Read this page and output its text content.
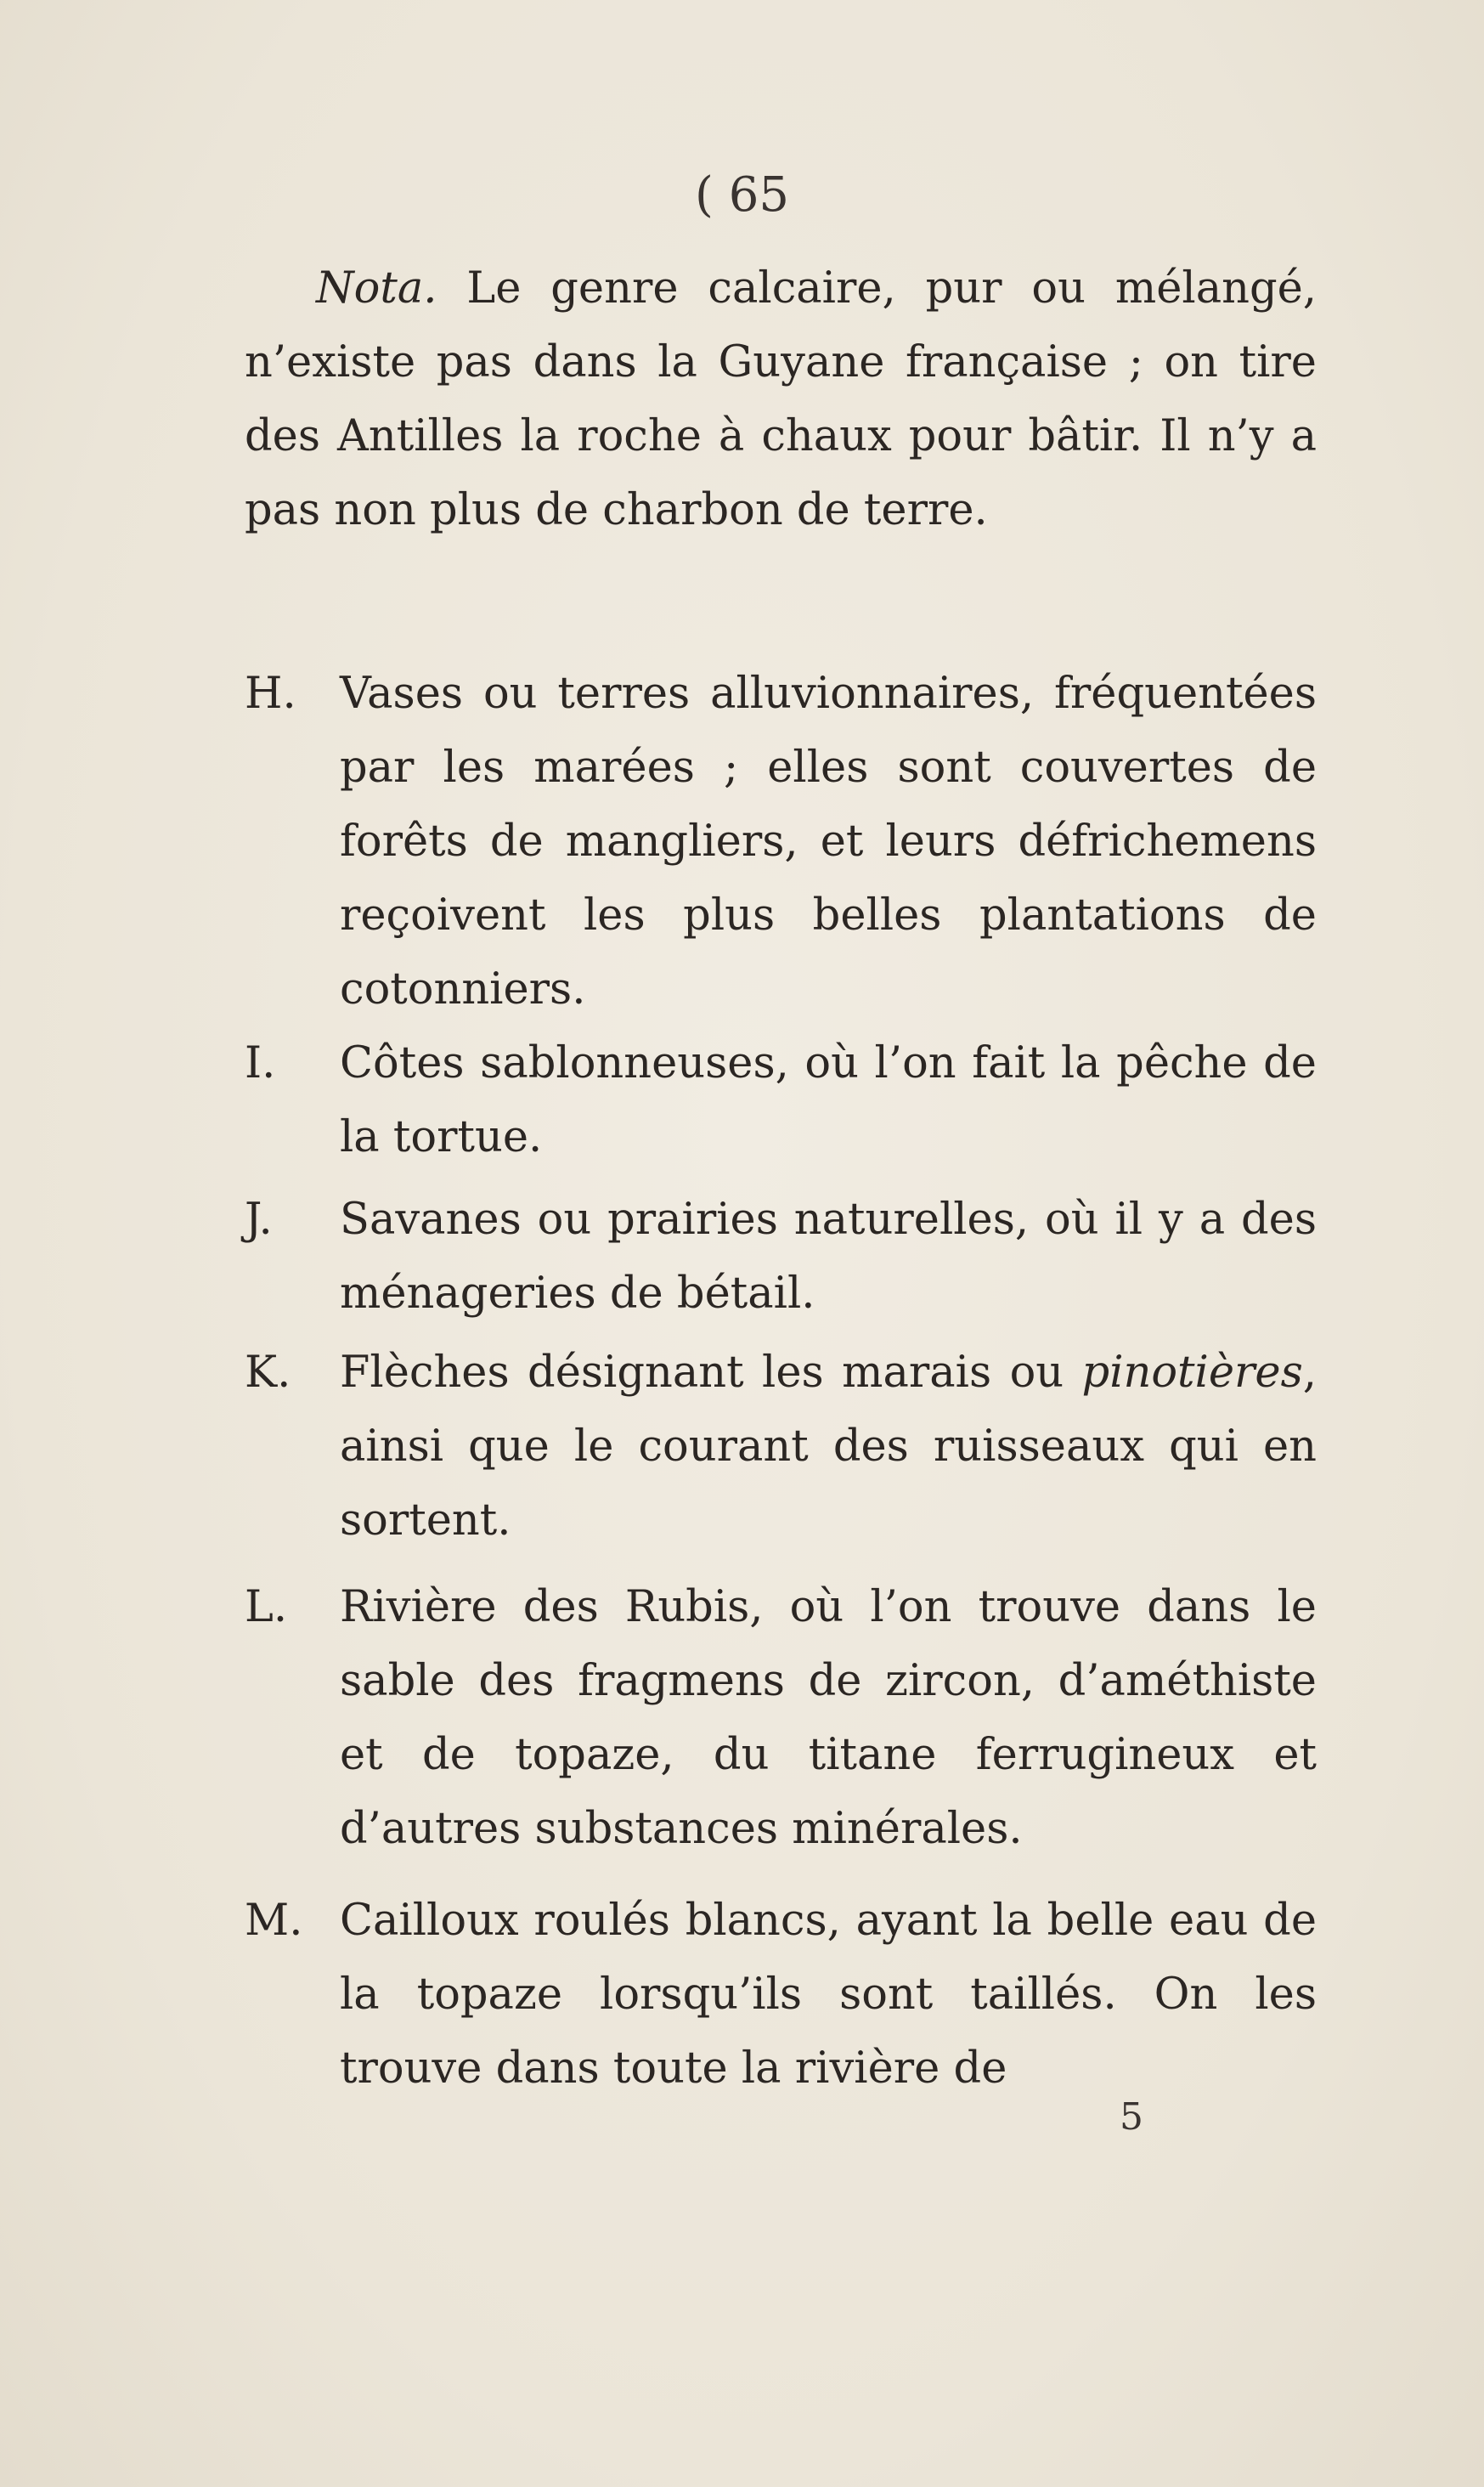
( 65

Nota. Le genre calcaire, pur ou mélangé, n’existe pas dans la Guyane française ; on tire des Antilles la roche à chaux pour bâtir. Il n’y a pas non plus de charbon de terre.

H.	Vases ou terres alluvionnaires, fréquentées par les marées ; elles sont couvertes de forêts de mangliers, et leurs défrichemens reçoivent les plus belles plantations de cotonniers.
I.	Côtes sablonneuses, où l’on fait la pêche de la tortue.
J.	Savanes ou prairies naturelles, où il y a des ménageries de bétail.
K.	Flèches désignant les marais ou pinotières, ainsi que le courant des ruisseaux qui en sortent.
L.	Rivière des Rubis, où l’on trouve dans le sable des fragmens de zircon, d’améthiste et de topaze, du titane ferrugineux et d’autres substances minérales.
M. Cailloux roulés blancs, ayant la belle eau de la topaze lorsqu’ils sont taillés. On les trouve dans toute la rivière de
5
